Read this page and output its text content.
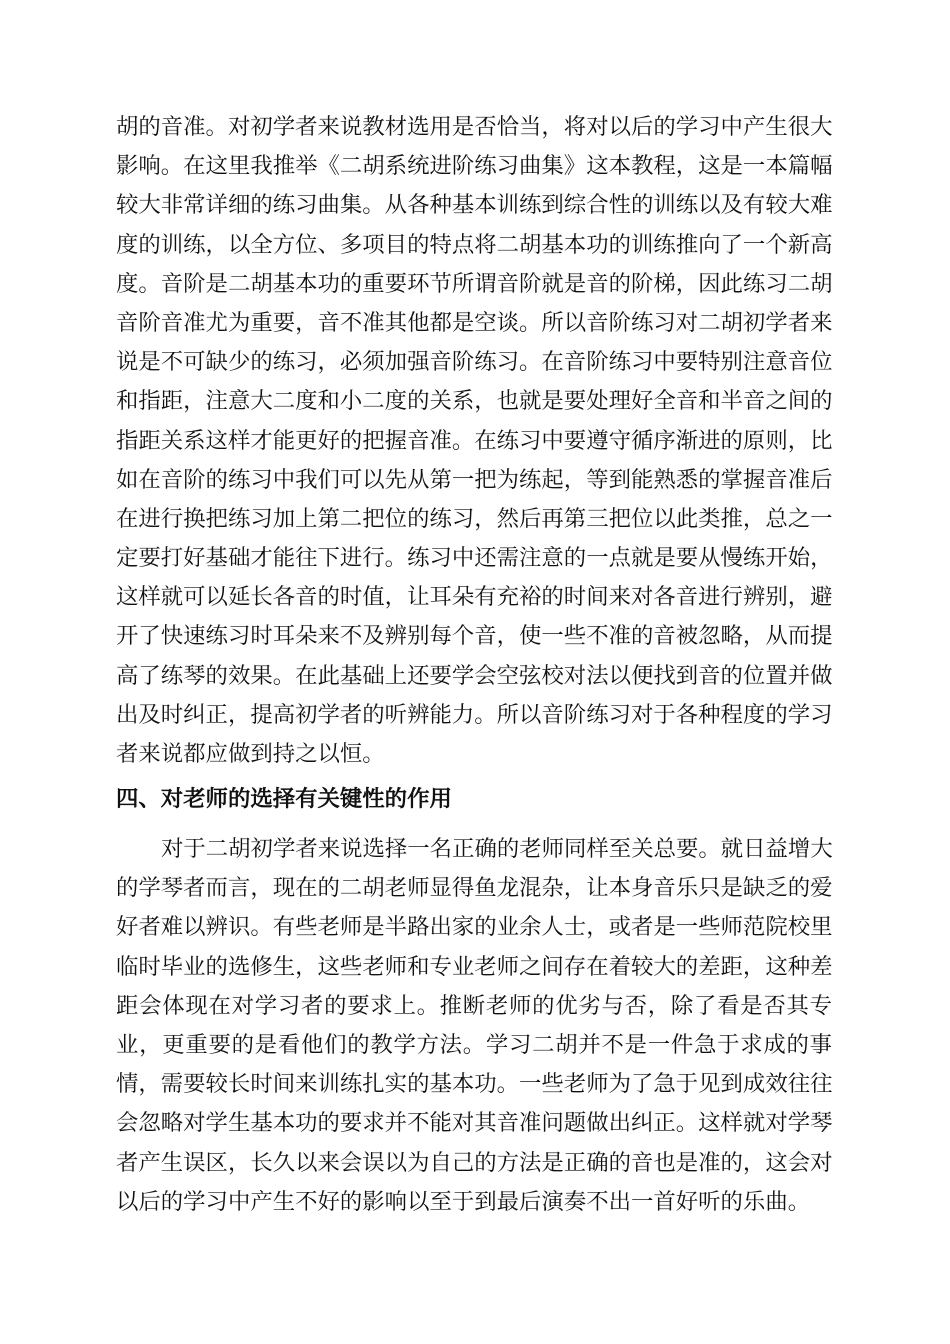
胡的音准。对初学者来说教材选用是否恰当，将对以后的学习中产生很大
影响。在这里我推举《二胡系统进阶练习曲集》这本教程，这是一本篇幅
较大非常详细的练习曲集。从各种基本训练到综合性的训练以及有较大难
度的训练，以全方位、多项目的特点将二胡基本功的训练推向了一个新高
度。音阶是二胡基本功的重要环节所谓音阶就是音的阶梯，因此练习二胡
音阶音准尤为重要，音不准其他都是空谈。所以音阶练习对二胡初学者来
说是不可缺少的练习，必须加强音阶练习。在音阶练习中要特别注意音位
和指距，注意大二度和小二度的关系，也就是要处理好全音和半音之间的
指距关系这样才能更好的把握音准。在练习中要遵守循序渐进的原则，比
如在音阶的练习中我们可以先从第一把为练起，等到能熟悉的掌握音准后
在进行换把练习加上第二把位的练习，然后再第三把位以此类推，总之一
定要打好基础才能往下进行。练习中还需注意的一点就是要从慢练开始，
这样就可以延长各音的时值，让耳朵有充裕的时间来对各音进行辨别，避
开了快速练习时耳朵来不及辨别每个音，使一些不准的音被忽略，从而提
高了练琴的效果。在此基础上还要学会空弦校对法以便找到音的位置并做
出及时纠正，提高初学者的听辨能力。所以音阶练习对于各种程度的学习
者来说都应做到持之以恒。
四、对老师的选择有关键性的作用
对于二胡初学者来说选择一名正确的老师同样至关总要。就日益增大
的学琴者而言，现在的二胡老师显得鱼龙混杂，让本身音乐只是缺乏的爱
好者难以辨识。有些老师是半路出家的业余人士，或者是一些师范院校里
临时毕业的选修生，这些老师和专业老师之间存在着较大的差距，这种差
距会体现在对学习者的要求上。推断老师的优劣与否，除了看是否其专
业，更重要的是看他们的教学方法。学习二胡并不是一件急于求成的事
情，需要较长时间来训练扎实的基本功。一些老师为了急于见到成效往往
会忽略对学生基本功的要求并不能对其音准问题做出纠正。这样就对学琴
者产生误区，长久以来会误以为自己的方法是正确的音也是准的，这会对
以后的学习中产生不好的影响以至于到最后演奏不出一首好听的乐曲。
